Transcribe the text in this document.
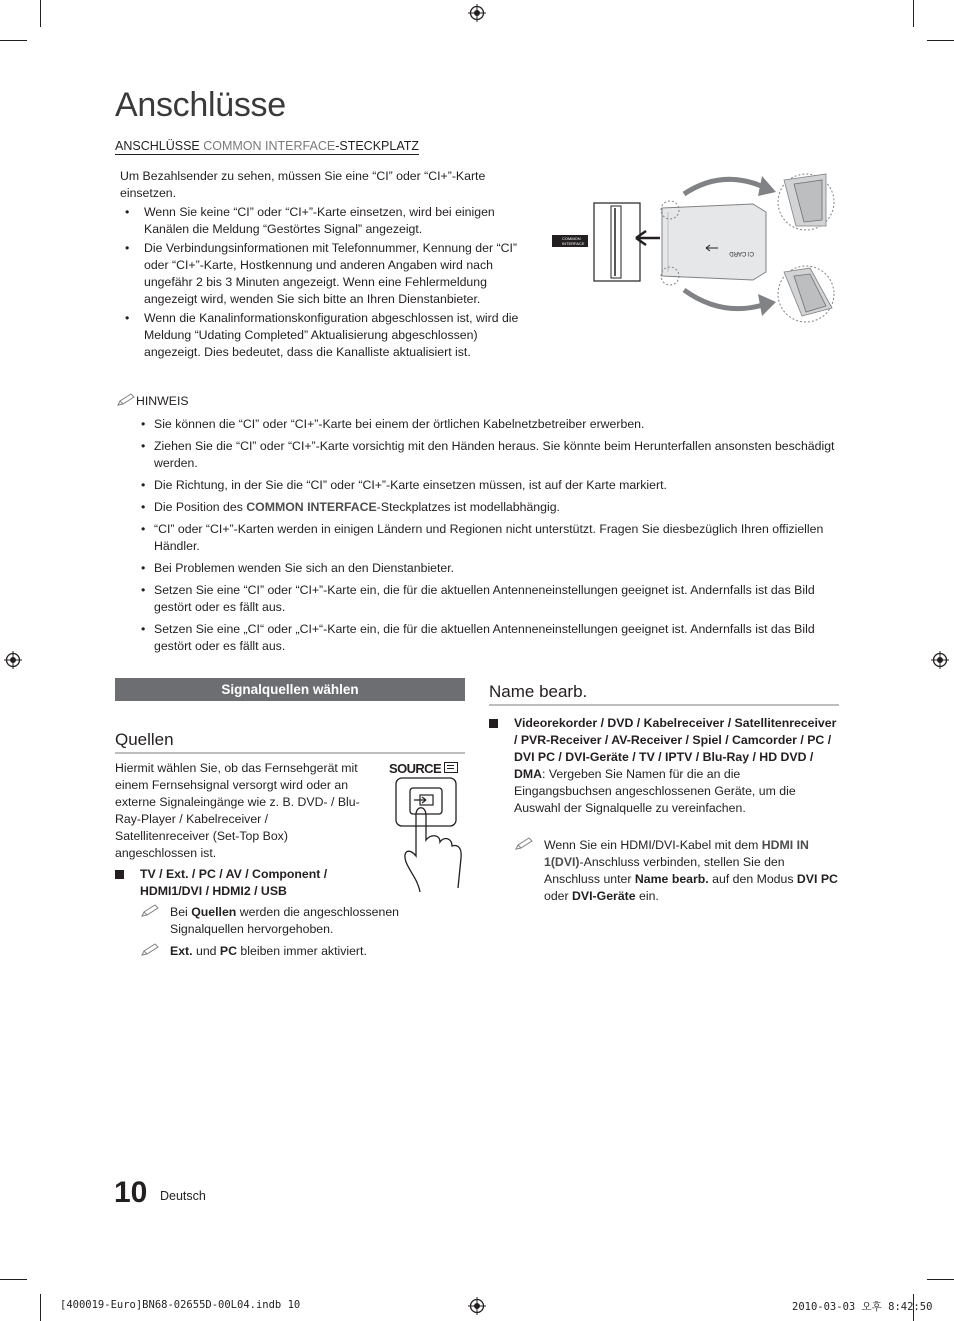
Anschlüsse
ANSCHLÜSSE COMMON INTERFACE-STECKPLATZ
Um Bezahlsender zu sehen, müssen Sie eine “CI” oder “CI+”-Karte einsetzen.
• Wenn Sie keine “CI” oder “CI+”-Karte einsetzen, wird bei einigen Kanälen die Meldung “Gestörtes Signal” angezeigt.
• Die Verbindungsinformationen mit Telefonnummer, Kennung der “CI” oder “CI+”-Karte, Hostkennung und anderen Angaben wird nach ungefähr 2 bis 3 Minuten angezeigt. Wenn eine Fehlermeldung angezeigt wird, wenden Sie sich bitte an Ihren Dienstanbieter.
• Wenn die Kanalinformationskonfiguration abgeschlossen ist, wird die Meldung “Udating Completed” Aktualisierung abgeschlossen) angezeigt. Dies bedeutet, dass die Kanalliste aktualisiert ist.
COMMON
INTERFACE
CI CARD
HINWEIS
• Sie können die “CI” oder “CI+”-Karte bei einem der örtlichen Kabelnetzbetreiber erwerben.
• Ziehen Sie die “CI” oder “CI+”-Karte vorsichtig mit den Händen heraus. Sie könnte beim Herunterfallen ansonsten beschädigt werden.
• Die Richtung, in der Sie die “CI” oder “CI+”-Karte einsetzen müssen, ist auf der Karte markiert.
• Die Position des COMMON INTERFACE-Steckplatzes ist modellabhängig.
• “CI” oder “CI+”-Karten werden in einigen Ländern und Regionen nicht unterstützt. Fragen Sie diesbezüglich Ihren offiziellen Händler.
• Bei Problemen wenden Sie sich an den Dienstanbieter.
• Setzen Sie eine “CI” oder “CI+”-Karte ein, die für die aktuellen Antenneneinstellungen geeignet ist. Andernfalls ist das Bild gestört oder es fällt aus.
• Setzen Sie eine „CI“ oder „CI+“-Karte ein, die für die aktuellen Antenneneinstellungen geeignet ist. Andernfalls ist das Bild gestört oder es fällt aus.
Signalquellen wählen
Quellen
Hiermit wählen Sie, ob das Fernsehgerät mit einem Fernsehsignal versorgt wird oder an externe Signaleingänge wie z. B. DVD- / Blu-Ray-Player / Kabelreceiver / Satellitenreceiver (Set-Top Box) angeschlossen ist.
SOURCE
TV / Ext. / PC / AV / Component / HDMI1/DVI / HDMI2 / USB
Bei Quellen werden die angeschlossenen Signalquellen hervorgehoben.
Ext. und PC bleiben immer aktiviert.
Name bearb.
Videorekorder / DVD / Kabelreceiver / Satellitenreceiver / PVR-Receiver / AV-Receiver / Spiel / Camcorder / PC / DVI PC / DVI-Geräte / TV / IPTV / Blu-Ray / HD DVD / DMA: Vergeben Sie Namen für die an die Eingangsbuchsen angeschlossenen Geräte, um die Auswahl der Signalquelle zu vereinfachen.
Wenn Sie ein HDMI/DVI-Kabel mit dem HDMI IN 1(DVI)-Anschluss verbinden, stellen Sie den Anschluss unter Name bearb. auf den Modus DVI PC oder DVI-Geräte ein.
10 Deutsch
[400019-Euro]BN68-02655D-00L04.indb 10	2010-03-03 오후 8:42:50
